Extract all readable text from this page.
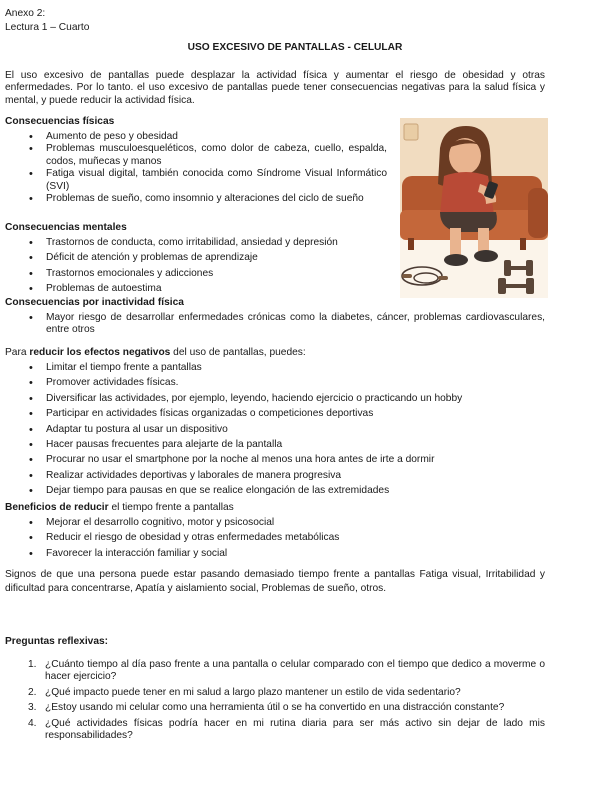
Anexo 2:
Lectura 1 – Cuarto
USO EXCESIVO DE PANTALLAS - CELULAR
El uso excesivo de pantallas puede desplazar la actividad física y aumentar el riesgo de obesidad y otras enfermedades. Por lo tanto. el uso excesivo de pantallas puede tener consecuencias negativas para la salud física y mental, y puede reducir la actividad física.
Consecuencias físicas
• Aumento de peso y obesidad
• Problemas musculoesqueléticos, como dolor de cabeza, cuello, espalda, codos, muñecas y manos
• Fatiga visual digital, también conocida como Síndrome Visual Informático (SVI)
• Problemas de sueño, como insomnio y alteraciones del ciclo de sueño
Consecuencias mentales
• Trastornos de conducta, como irritabilidad, ansiedad y depresión
• Déficit de atención y problemas de aprendizaje
• Trastornos emocionales y adicciones
• Problemas de autoestima
Consecuencias por inactividad física
• Mayor riesgo de desarrollar enfermedades crónicas como la diabetes, cáncer, problemas cardiovasculares, entre otros
Para reducir los efectos negativos del uso de pantallas, puedes:
• Limitar el tiempo frente a pantallas
• Promover actividades físicas.
• Diversificar las actividades, por ejemplo, leyendo, haciendo ejercicio o practicando un hobby
• Participar en actividades físicas organizadas o competiciones deportivas
• Adaptar tu postura al usar un dispositivo
• Hacer pausas frecuentes para alejarte de la pantalla
• Procurar no usar el smartphone por la noche al menos una hora antes de irte a dormir
• Realizar actividades deportivas y laborales de manera progresiva
• Dejar tiempo para pausas en que se realice elongación de las extremidades
Beneficios de reducir el tiempo frente a pantallas
• Mejorar el desarrollo cognitivo, motor y psicosocial
• Reducir el riesgo de obesidad y otras enfermedades metabólicas
• Favorecer la interacción familiar y social
Signos de que una persona puede estar pasando demasiado tiempo frente a pantallas Fatiga visual, Irritabilidad y dificultad para concentrarse, Apatía y aislamiento social, Problemas de sueño, otros.
Preguntas reflexivas:
1. ¿Cuánto tiempo al día paso frente a una pantalla o celular comparado con el tiempo que dedico a moverme o hacer ejercicio?
2. ¿Qué impacto puede tener en mi salud a largo plazo mantener un estilo de vida sedentario?
3. ¿Estoy usando mi celular como una herramienta útil o se ha convertido en una distracción constante?
4. ¿Qué actividades físicas podría hacer en mi rutina diaria para ser más activo sin dejar de lado mis responsabilidades?
